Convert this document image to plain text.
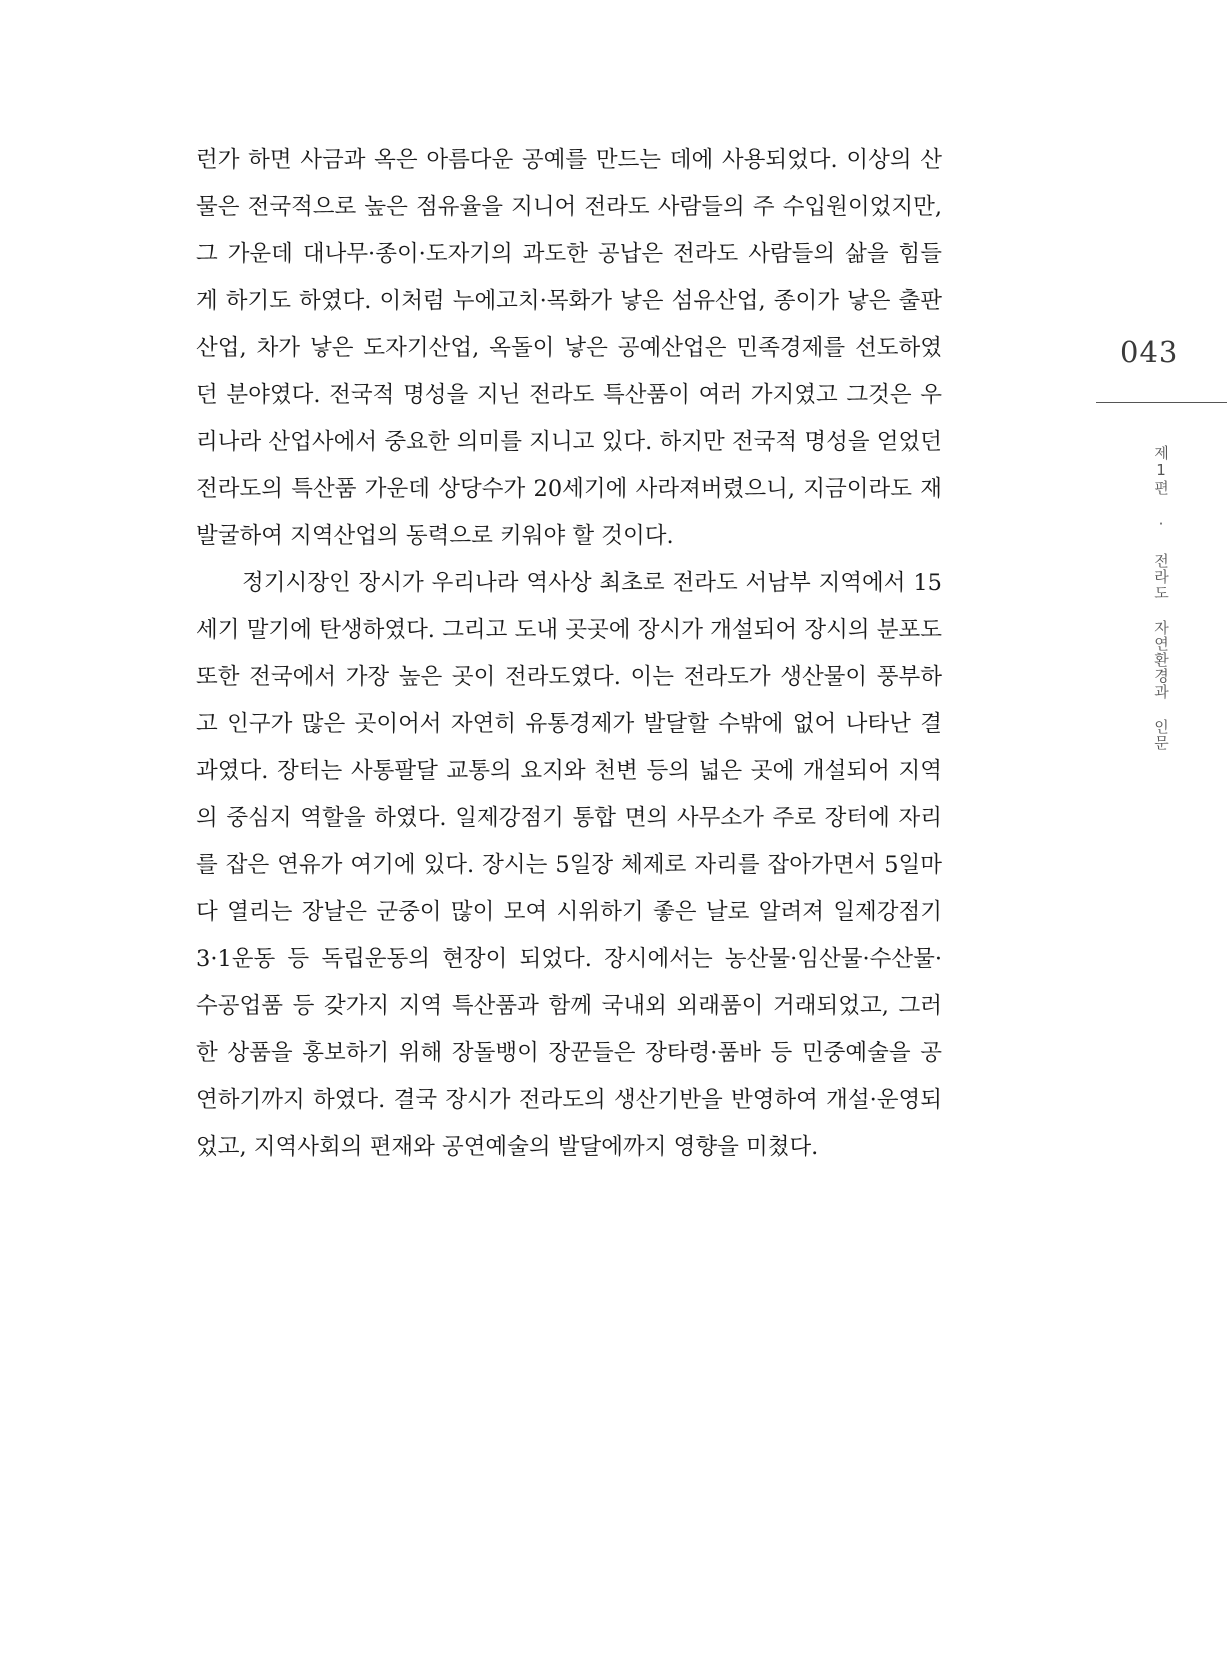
런가 하면 사금과 옥은 아름다운 공예를 만드는 데에 사용되었다. 이상의 산
물은 전국적으로 높은 점유율을 지니어 전라도 사람들의 주 수입원이었지만,
그 가운데 대나무·종이·도자기의 과도한 공납은 전라도 사람들의 삶을 힘들
게 하기도 하였다. 이처럼 누에고치·목화가 낳은 섬유산업, 종이가 낳은 출판
산업, 차가 낳은 도자기산업, 옥돌이 낳은 공예산업은 민족경제를 선도하였
던 분야였다. 전국적 명성을 지닌 전라도 특산품이 여러 가지였고 그것은 우
리나라 산업사에서 중요한 의미를 지니고 있다. 하지만 전국적 명성을 얻었던
전라도의 특산품 가운데 상당수가 20세기에 사라져버렸으니, 지금이라도 재
발굴하여 지역산업의 동력으로 키워야 할 것이다.
정기시장인 장시가 우리나라 역사상 최초로 전라도 서남부 지역에서 15
세기 말기에 탄생하였다. 그리고 도내 곳곳에 장시가 개설되어 장시의 분포도
또한 전국에서 가장 높은 곳이 전라도였다. 이는 전라도가 생산물이 풍부하
고 인구가 많은 곳이어서 자연히 유통경제가 발달할 수밖에 없어 나타난 결
과였다. 장터는 사통팔달 교통의 요지와 천변 등의 넓은 곳에 개설되어 지역
의 중심지 역할을 하였다. 일제강점기 통합 면의 사무소가 주로 장터에 자리
를 잡은 연유가 여기에 있다. 장시는 5일장 체제로 자리를 잡아가면서 5일마
다 열리는 장날은 군중이 많이 모여 시위하기 좋은 날로 알려져 일제강점기
3·1운동 등 독립운동의 현장이 되었다. 장시에서는 농산물·임산물·수산물·
수공업품 등 갖가지 지역 특산품과 함께 국내외 외래품이 거래되었고, 그러
한 상품을 홍보하기 위해 장돌뱅이 장꾼들은 장타령·품바 등 민중예술을 공
연하기까지 하였다. 결국 장시가 전라도의 생산기반을 반영하여 개설·운영되
었고, 지역사회의 편재와 공연예술의 발달에까지 영향을 미쳤다.
043
제1편 · 전라도 자연환경과 인문
